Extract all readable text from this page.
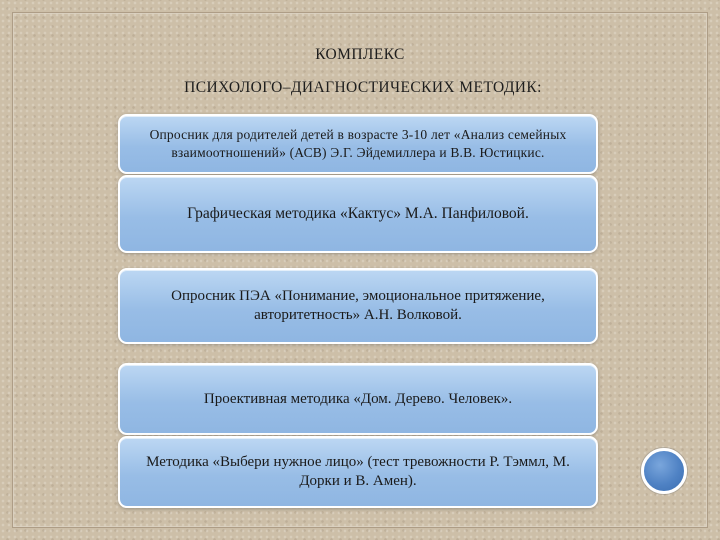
КОМПЛЕКС
ПСИХОЛОГО–ДИАГНОСТИЧЕСКИХ МЕТОДИК:
Опросник для родителей детей в возрасте 3-10 лет «Анализ семейных взаимоотношений» (АСВ) Э.Г. Эйдемиллера и В.В. Юстицкис.
Графическая методика «Кактус» М.А. Панфиловой.
Опросник ПЭА «Понимание, эмоциональное притяжение, авторитетность» А.Н. Волковой.
Проективная методика «Дом. Дерево. Человек».
Методика «Выбери нужное лицо» (тест тревожности Р. Тэммл, М. Дорки и В. Амен).
